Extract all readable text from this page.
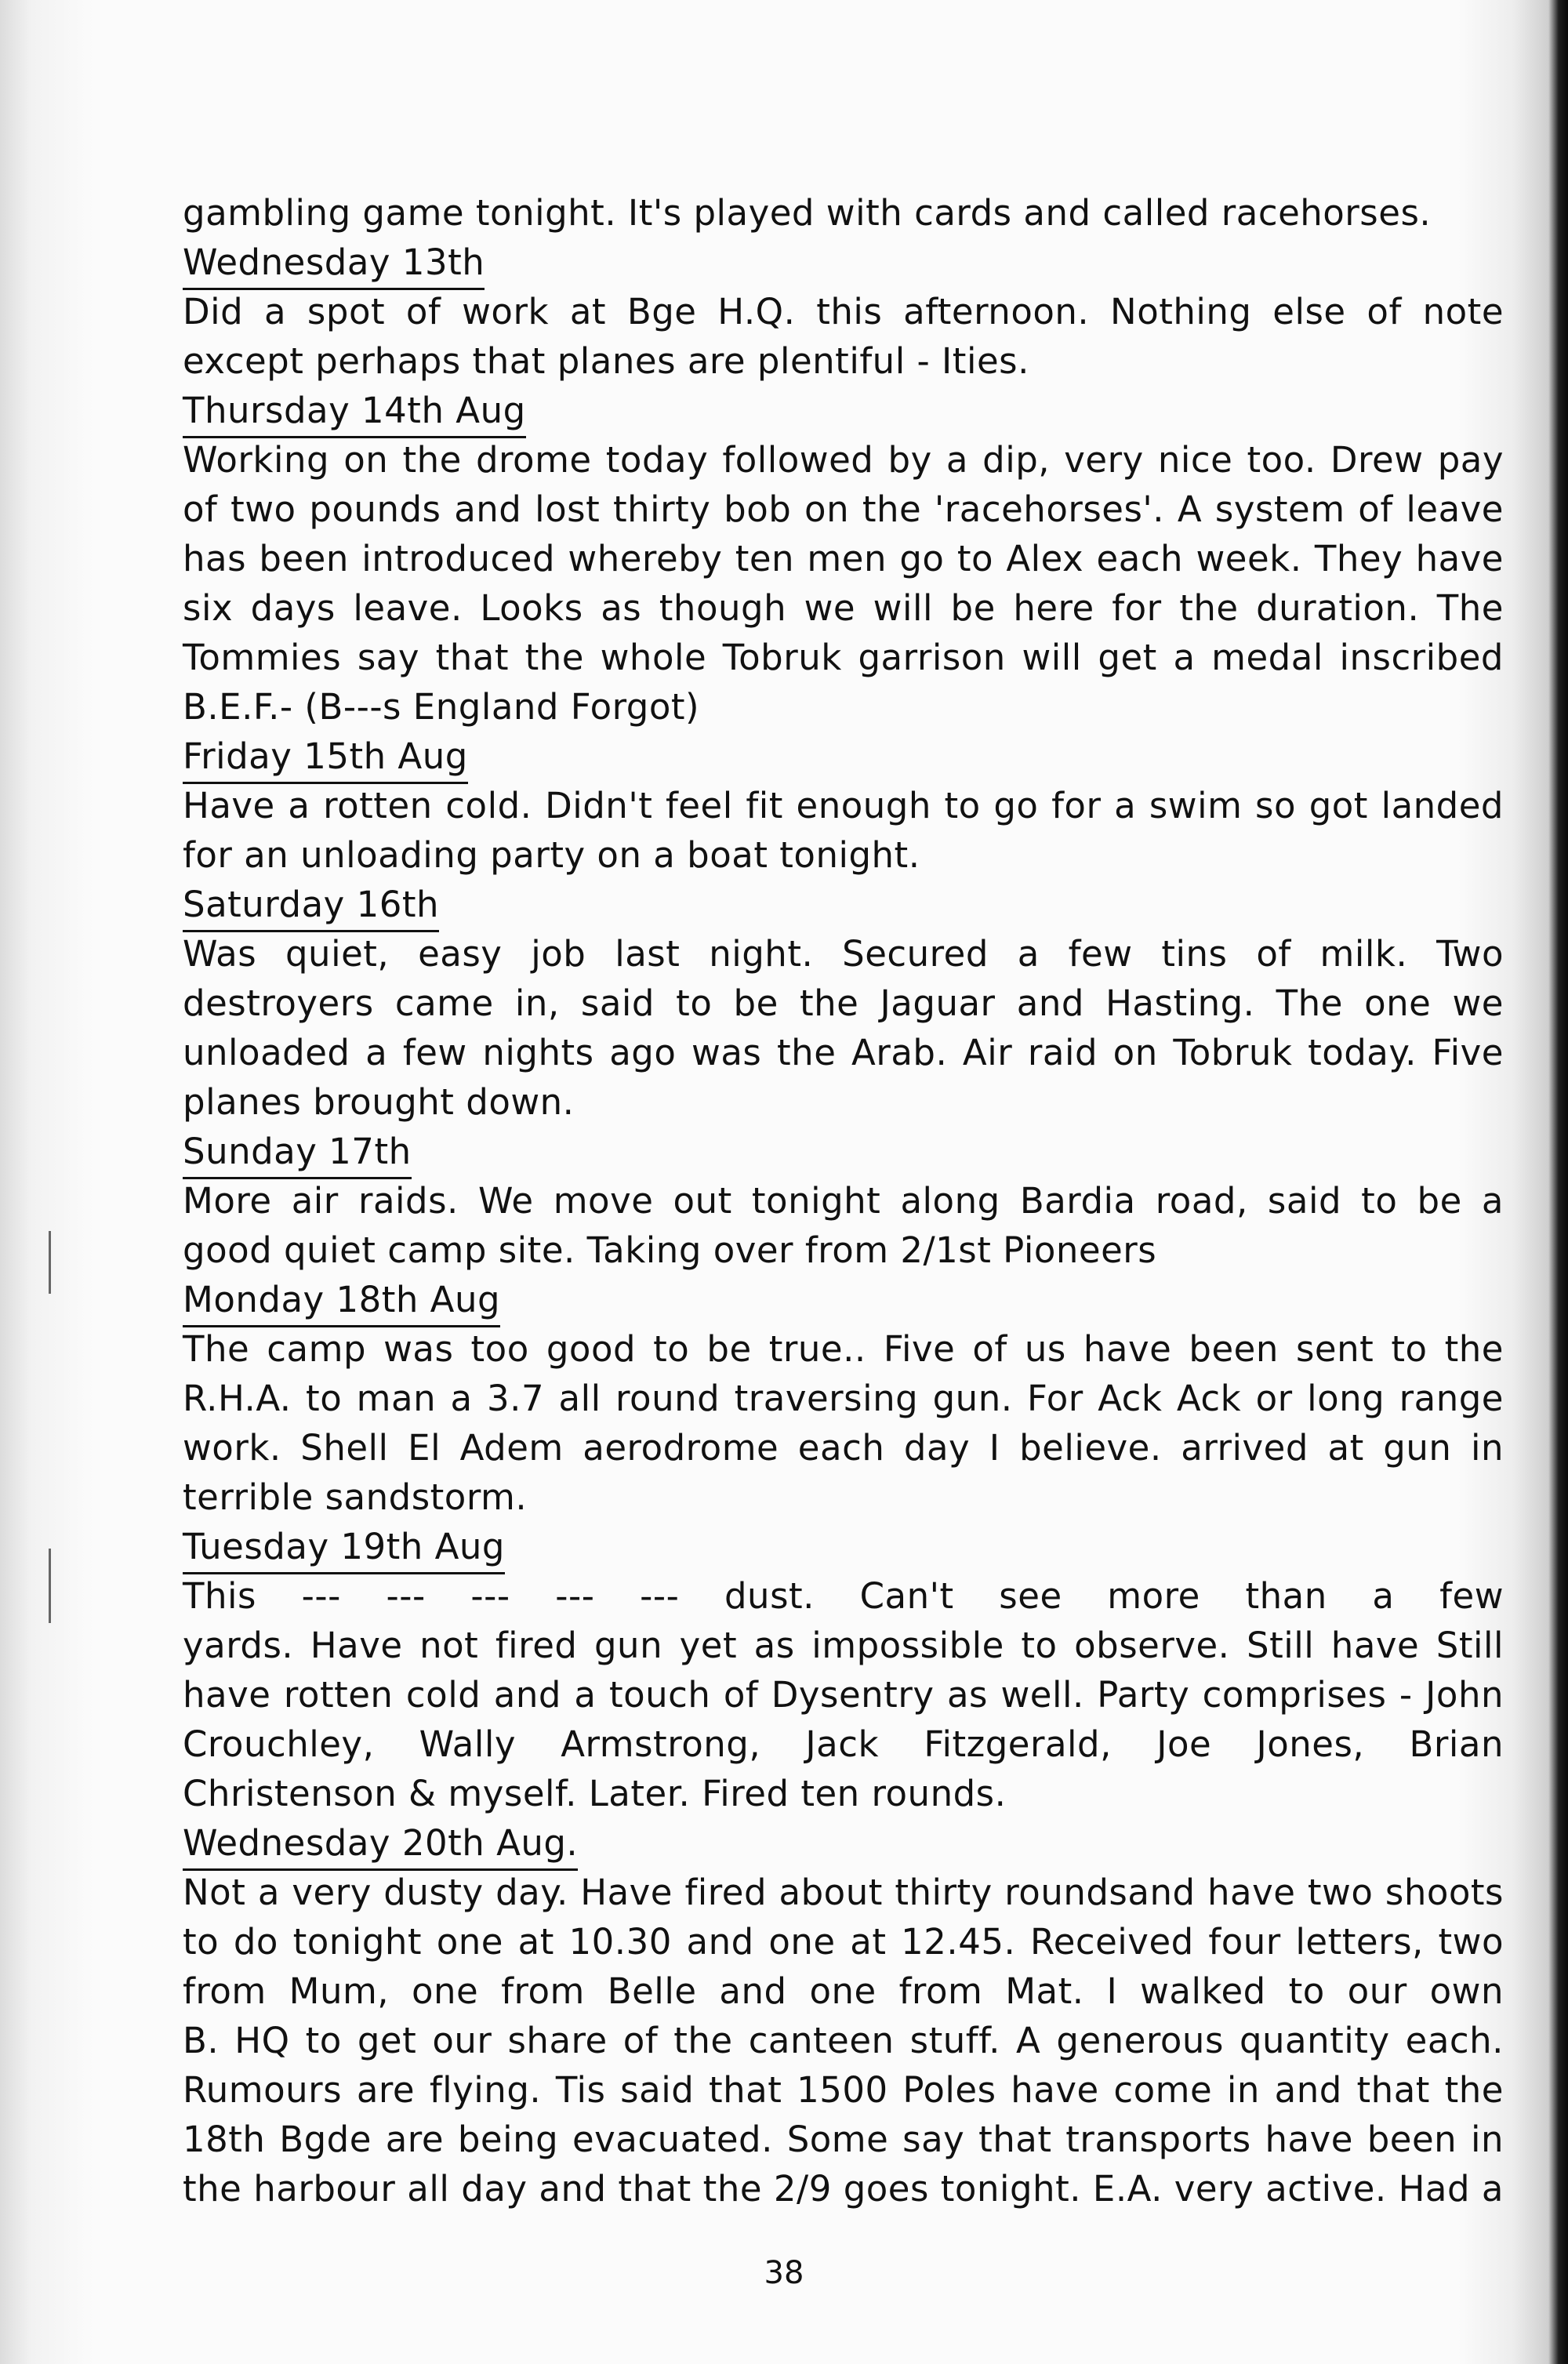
gambling game tonight. It's played with cards and called racehorses.
Wednesday 13th
Did a spot of work at Bge H.Q. this afternoon. Nothing else of note
except perhaps that planes are plentiful - Ities.
Thursday 14th Aug
Working on the drome today followed by a dip, very nice too. Drew pay
of two pounds and lost thirty bob on the 'racehorses'. A system of leave
has been introduced whereby ten men go to Alex each week. They have
six days leave. Looks as though we will be here for the duration. The
Tommies say that the whole Tobruk garrison will get a medal inscribed
B.E.F.- (B---s England Forgot)
Friday 15th Aug
Have a rotten cold. Didn't feel fit enough to go for a swim so got landed
for an unloading party on a boat tonight.
Saturday 16th
Was quiet, easy job last night. Secured a few tins of milk. Two
destroyers came in, said to be the Jaguar and Hasting. The one we
unloaded a few nights ago was the Arab. Air raid on Tobruk today. Five
planes brought down.
Sunday 17th
More air raids. We move out tonight along Bardia road, said to be a
good quiet camp site. Taking over from 2/1st Pioneers
Monday 18th Aug
The camp was too good to be true.. Five of us have been sent to the
R.H.A. to man a 3.7 all round traversing gun. For Ack Ack or long range
work. Shell El Adem aerodrome each day I believe. arrived at gun in
terrible sandstorm.
Tuesday 19th Aug
This --- --- --- --- --- dust. Can't see more than a few
yards. Have not fired gun yet as impossible to observe. Still have Still
have rotten cold and a touch of Dysentry as well. Party comprises - John
Crouchley, Wally Armstrong, Jack Fitzgerald, Joe Jones, Brian
Christenson & myself. Later. Fired ten rounds.
Wednesday 20th Aug.
Not a very dusty day. Have fired about thirty roundsand have two shoots
to do tonight one at 10.30 and one at 12.45. Received four letters, two
from Mum, one from Belle and one from Mat. I walked to our own
B. HQ to get our share of the canteen stuff. A generous quantity each.
Rumours are flying. Tis said that 1500 Poles have come in and that the
18th Bgde are being evacuated. Some say that transports have been in
the harbour all day and that the 2/9 goes tonight. E.A. very active. Had a
38
